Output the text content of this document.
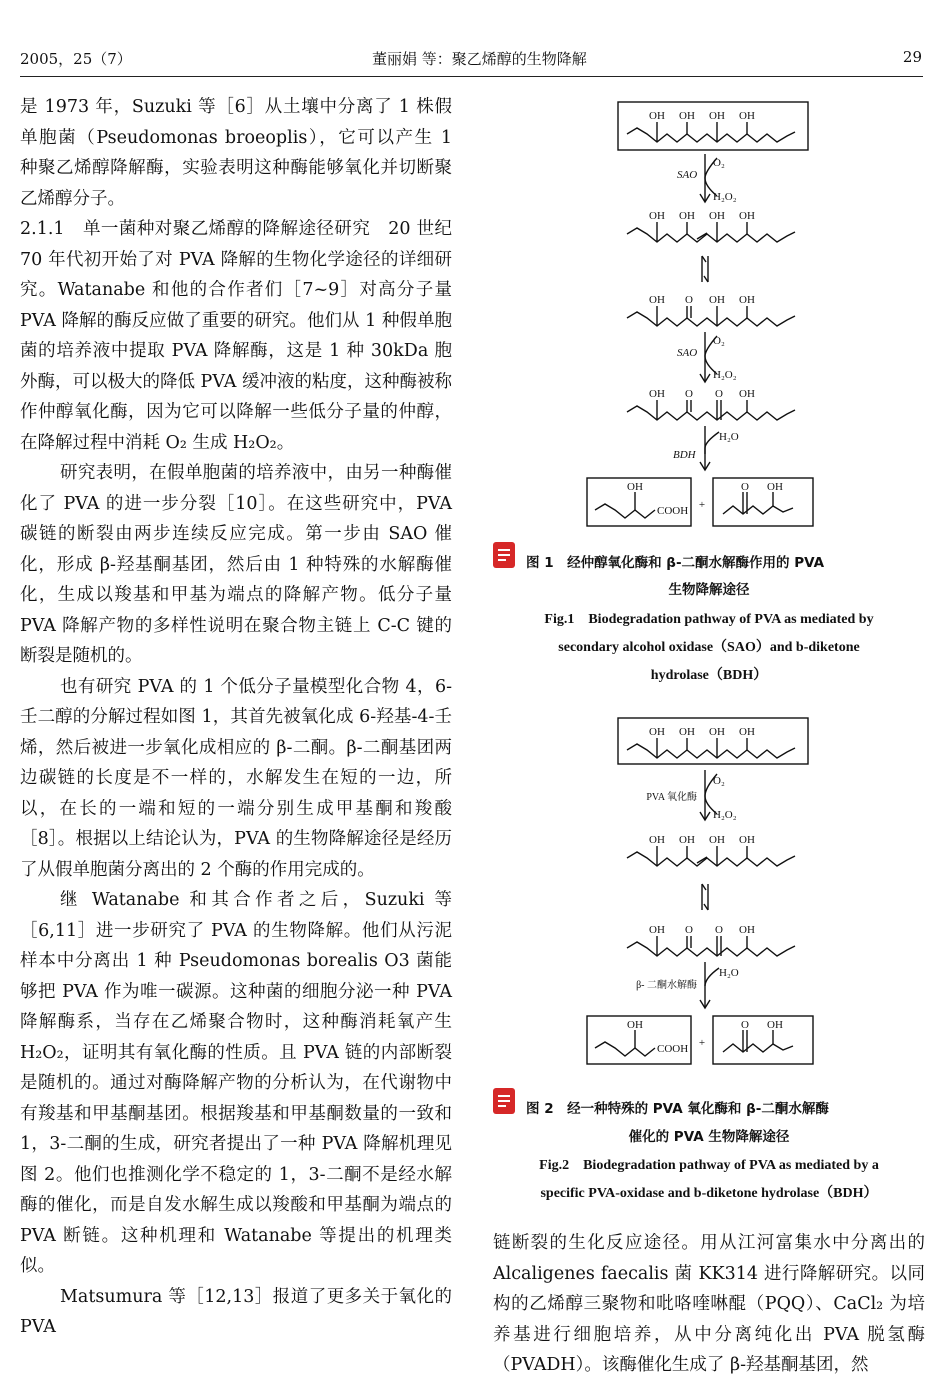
2005，25（7）	董丽娟 等：聚乙烯醇的生物降解	29

是 1973 年，Suzuki 等［6］从土壤中分离了 1 株假单胞菌（Pseudomonas broeoplis），它可以产生 1 种聚乙烯醇降解酶，实验表明这种酶能够氧化并切断聚乙烯醇分子。

2.1.1　单一菌种对聚乙烯醇的降解途径研究　20 世纪 70 年代初开始了对 PVA 降解的生物化学途径的详细研究。Watanabe 和他的合作者们［7~9］对高分子量 PVA 降解的酶反应做了重要的研究。他们从 1 种假单胞菌的培养液中提取 PVA 降解酶，这是 1 种 30kDa 胞外酶，可以极大的降低 PVA 缓冲液的粘度，这种酶被称作仲醇氧化酶，因为它可以降解一些低分子量的仲醇，在降解过程中消耗 O₂ 生成 H₂O₂。

研究表明，在假单胞菌的培养液中，由另一种酶催化了 PVA 的进一步分裂［10］。在这些研究中，PVA 碳链的断裂由两步连续反应完成。第一步由 SAO 催化，形成 β-羟基酮基团，然后由 1 种特殊的水解酶催化，生成以羧基和甲基为端点的降解产物。低分子量 PVA 降解产物的多样性说明在聚合物主链上 C-C 键的断裂是随机的。

也有研究 PVA 的 1 个低分子量模型化合物 4，6-壬二醇的分解过程如图 1，其首先被氧化成 6-羟基-4-壬烯，然后被进一步氧化成相应的 β-二酮。β-二酮基团两边碳链的长度是不一样的，水解发生在短的一边，所以，在长的一端和短的一端分别生成甲基酮和羧酸［8］。根据以上结论认为，PVA 的生物降解途径是经历了从假单胞菌分离出的 2 个酶的作用完成的。

继 Watanabe 和其合作者之后，Suzuki 等［6,11］进一步研究了 PVA 的生物降解。他们从污泥样本中分离出 1 种 Pseudomonas borealis O3 菌能够把 PVA 作为唯一碳源。这种菌的细胞分泌一种 PVA 降解酶系，当存在乙烯聚合物时，这种酶消耗氧产生 H₂O₂，证明其有氧化酶的性质。且 PVA 链的内部断裂是随机的。通过对酶降解产物的分析认为，在代谢物中有羧基和甲基酮基团。根据羧基和甲基酮数量的一致和 1，3-二酮的生成，研究者提出了一种 PVA 降解机理见图 2。他们也推测化学不稳定的 1，3-二酮不是经水解酶的催化，而是自发水解生成以羧酸和甲基酮为端点的 PVA 断链。这种机理和 Watanabe 等提出的机理类似。

Matsumura 等［12,13］报道了更多关于氧化的 PVA

OH OH OH OH
O₂
H₂O₂
SAO
OH OH OH OH
OH O OH OH
O₂
H₂O₂
SAO
OH O O OH
H₂O
BDH
OH
COOH +
O OH
图 1　经仲醇氧化酶和 β-二酮水解酶作用的 PVA
生物降解途径
Fig.1　Biodegradation pathway of PVA as mediated by
secondary alcohol oxidase（SAO）and b-diketone
hydrolase（BDH）
OH OH OH OH
O₂
H₂O₂
PVA 氧化酶
OH OH OH OH
OH O O OH
H₂O
β- 二酮水解酶
OH
COOH +
O OH
图 2　经一种特殊的 PVA 氧化酶和 β-二酮水解酶
催化的 PVA 生物降解途径
Fig.2　Biodegradation pathway of PVA as mediated by a
specific PVA-oxidase and b-diketone hydrolase（BDH）

链断裂的生化反应途径。用从江河富集水中分离出的 Alcaligenes faecalis 菌 KK314 进行降解研究。以同构的乙烯醇三聚物和吡咯喹啉醌（PQQ）、CaCl₂ 为培养基进行细胞培养，从中分离纯化出 PVA 脱氢酶（PVADH）。该酶催化生成了 β-羟基酮基团，然
